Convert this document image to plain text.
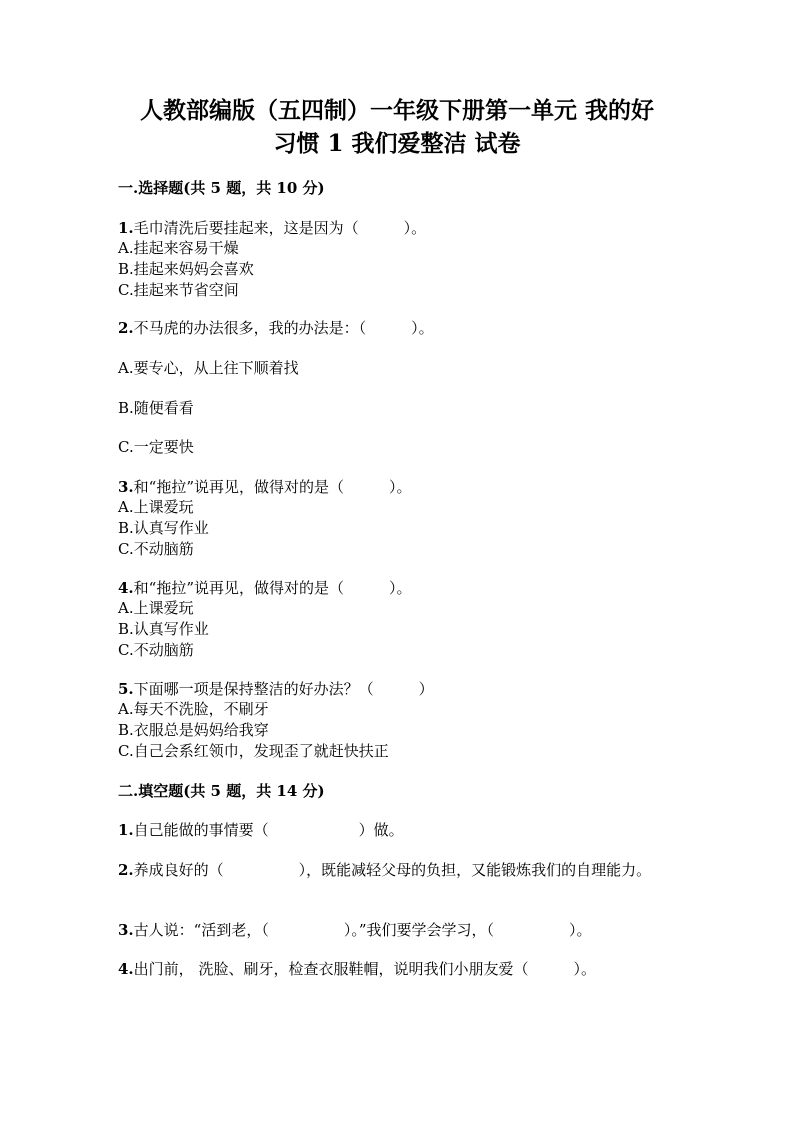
人教部编版（五四制）一年级下册第一单元 我的好
习惯 1 我们爱整洁 试卷
一.选择题(共 5 题，共 10 分)
1.毛巾清洗后要挂起来，这是因为（　　　）。
A.挂起来容易干燥
B.挂起来妈妈会喜欢
C.挂起来节省空间
2.不马虎的办法很多，我的办法是：（　　　）。
A.要专心，从上往下顺着找
B.随便看看
C.一定要快
3.和“拖拉”说再见，做得对的是（　　　）。
A.上课爱玩
B.认真写作业
C.不动脑筋
4.和“拖拉”说再见，做得对的是（　　　）。
A.上课爱玩
B.认真写作业
C.不动脑筋
5.下面哪一项是保持整洁的好办法？（　　　）
A.每天不洗脸，不刷牙
B.衣服总是妈妈给我穿
C.自己会系红领巾，发现歪了就赶快扶正
二.填空题(共 5 题，共 14 分)
1.自己能做的事情要（　　　　　　）做。
2.养成良好的（　　　　　），既能减轻父母的负担，又能锻炼我们的自理能力。
3.古人说：“活到老，（　　　　　）。”我们要学会学习，（　　　　　）。
4.出门前， 洗脸、刷牙，检查衣服鞋帽，说明我们小朋友爱（　　　）。
